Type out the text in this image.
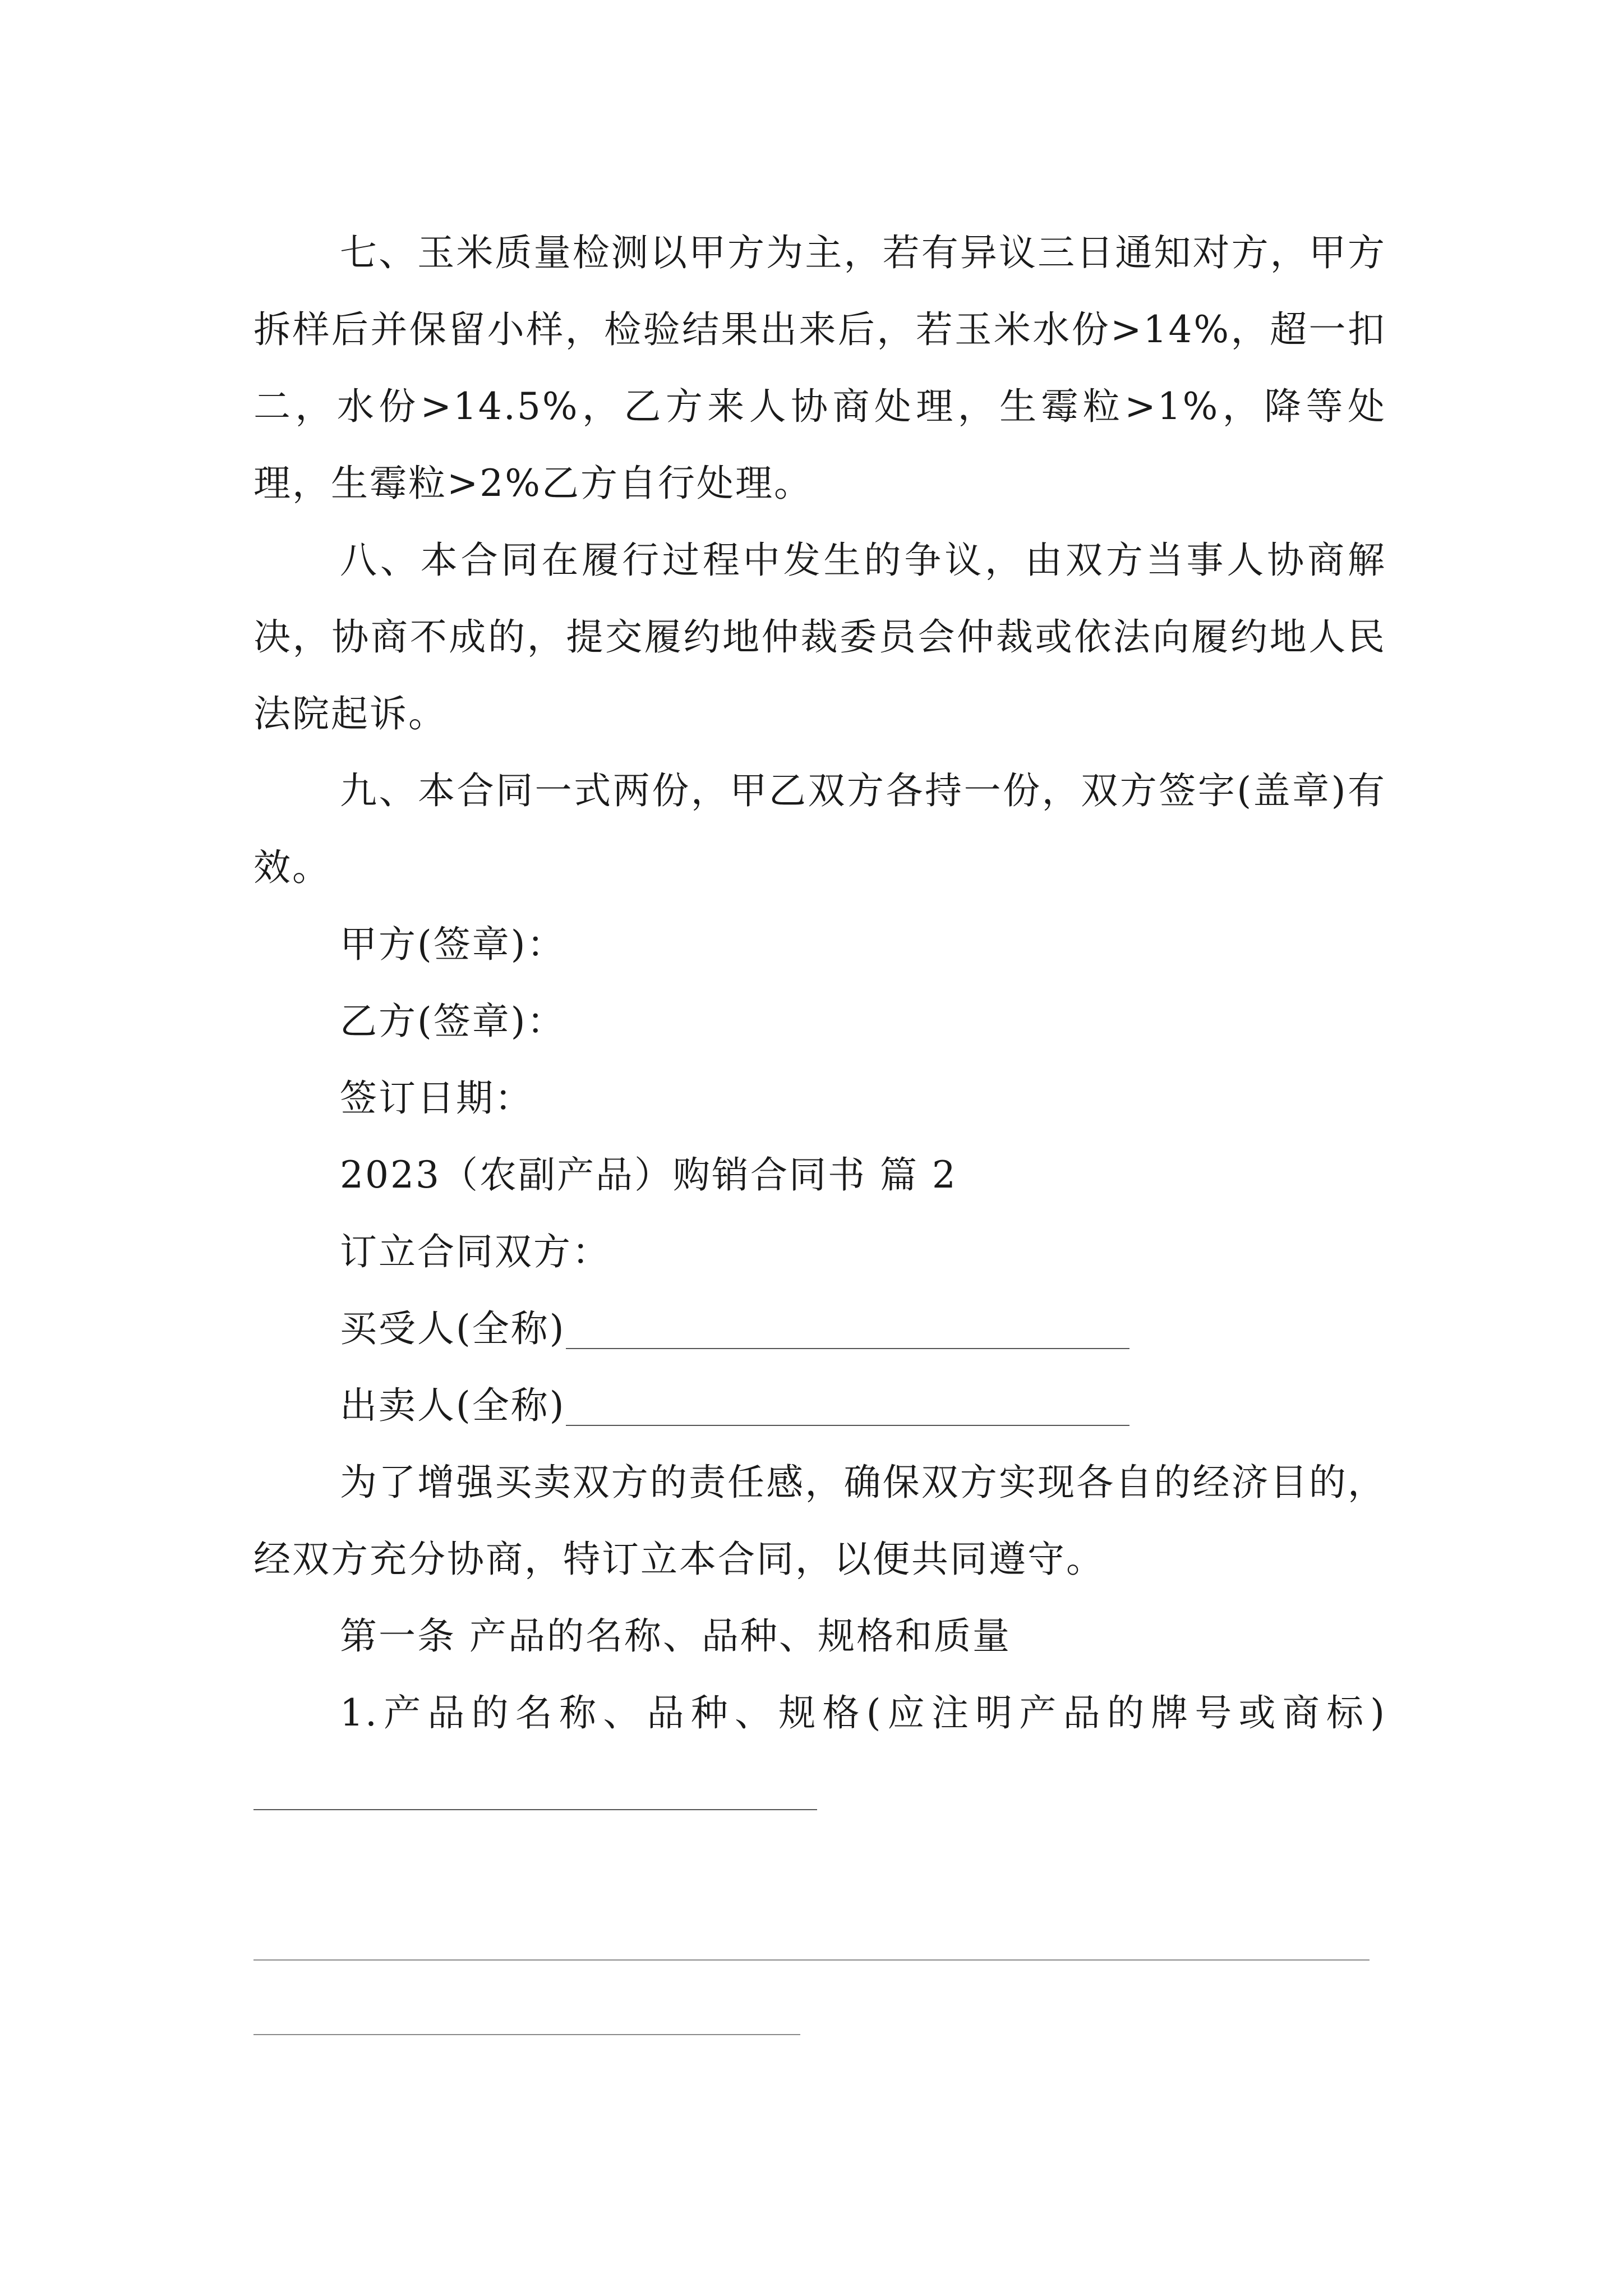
七、玉米质量检测以甲方为主，若有异议三日通知对方，甲方拆样后并保留小样，检验结果出来后，若玉米水份>14%，超一扣二，水份>14.5%，乙方来人协商处理，生霉粒>1%，降等处理，生霉粒>2%乙方自行处理。

八、本合同在履行过程中发生的争议，由双方当事人协商解决，协商不成的，提交履约地仲裁委员会仲裁或依法向履约地人民法院起诉。

九、本合同一式两份，甲乙双方各持一份，双方签字(盖章)有效。

甲方(签章)：

乙方(签章)：

签订日期：

2023（农副产品）购销合同书 篇 2

订立合同双方：

买受人(全称)

出卖人(全称)

为了增强买卖双方的责任感，确保双方实现各自的经济目的，经双方充分协商，特订立本合同，以便共同遵守。

第一条 产品的名称、品种、规格和质量

1.产品的名称、品种、规格(应注明产品的牌号或商标)
